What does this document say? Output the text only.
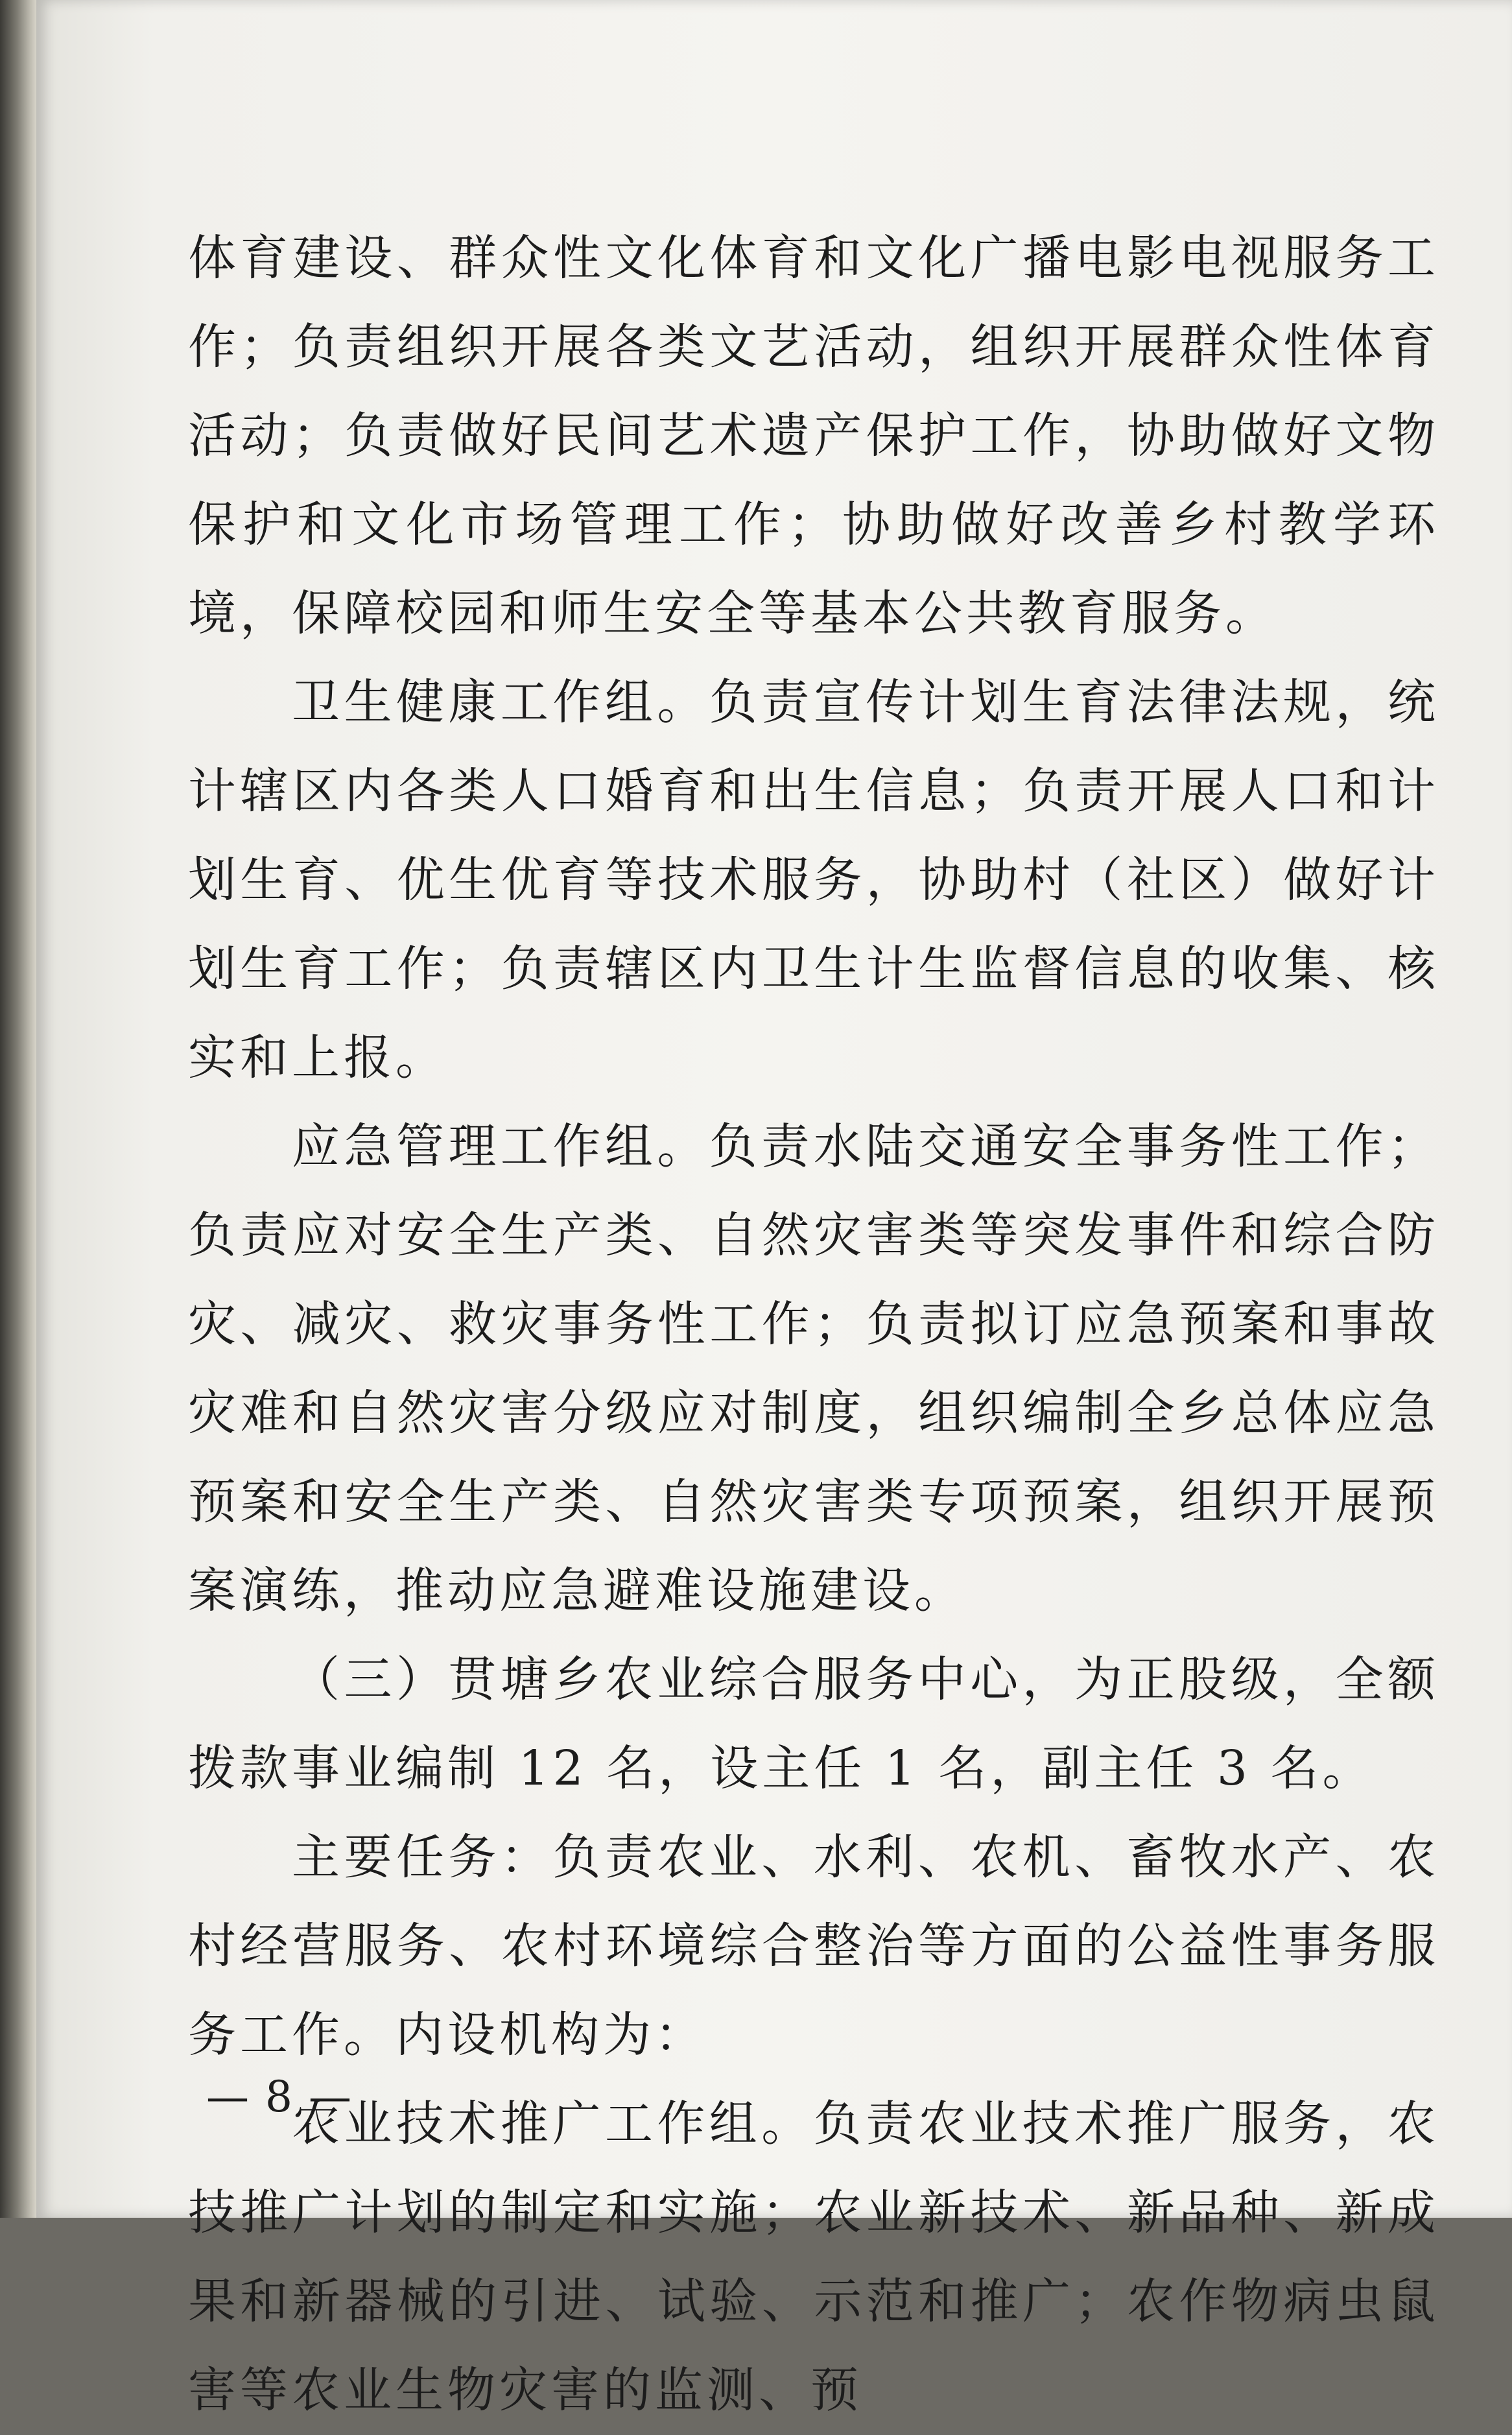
体育建设、群众性文化体育和文化广播电影电视服务工作；负责组织开展各类文艺活动，组织开展群众性体育活动；负责做好民间艺术遗产保护工作，协助做好文物保护和文化市场管理工作；协助做好改善乡村教学环境，保障校园和师生安全等基本公共教育服务。

卫生健康工作组。负责宣传计划生育法律法规，统计辖区内各类人口婚育和出生信息；负责开展人口和计划生育、优生优育等技术服务，协助村（社区）做好计划生育工作；负责辖区内卫生计生监督信息的收集、核实和上报。

应急管理工作组。负责水陆交通安全事务性工作；负责应对安全生产类、自然灾害类等突发事件和综合防灾、减灾、救灾事务性工作；负责拟订应急预案和事故灾难和自然灾害分级应对制度，组织编制全乡总体应急预案和安全生产类、自然灾害类专项预案，组织开展预案演练，推动应急避难设施建设。

（三）贯塘乡农业综合服务中心，为正股级，全额拨款事业编制 12 名，设主任 1 名，副主任 3 名。

主要任务：负责农业、水利、农机、畜牧水产、农村经营服务、农村环境综合整治等方面的公益性事务服务工作。内设机构为：

农业技术推广工作组。负责农业技术推广服务，农技推广计划的制定和实施；农业新技术、新品种、新成果和新器械的引进、试验、示范和推广；农作物病虫鼠害等农业生物灾害的监测、预

— 8 —
